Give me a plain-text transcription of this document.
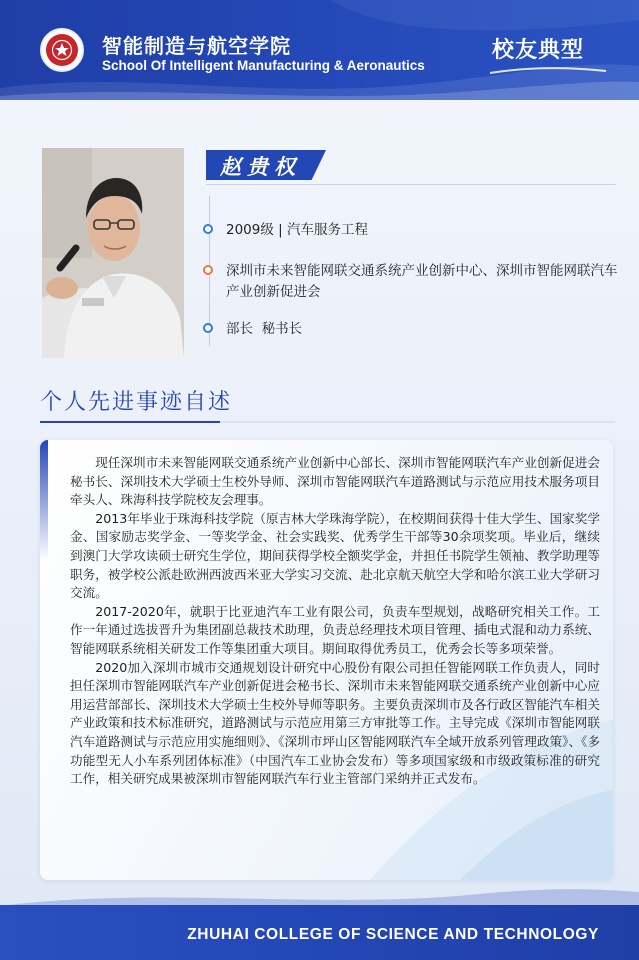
智能制造与航空学院
School Of Intelligent Manufacturing & Aeronautics
校友典型
赵贵权
2009级 | 汽车服务工程
深圳市未来智能网联交通系统产业创新中心、深圳市智能网联汽车产业创新促进会
部长  秘书长
个人先进事迹自述

现任深圳市未来智能网联交通系统产业创新中心部长、深圳市智能网联汽车产业创新促进会秘书长、深圳技术大学硕士生校外导师、深圳市智能网联汽车道路测试与示范应用技术服务项目牵头人、珠海科技学院校友会理事。

2013年毕业于珠海科技学院（原吉林大学珠海学院），在校期间获得十佳大学生、国家奖学金、国家励志奖学金、一等奖学金、社会实践奖、优秀学生干部等30余项奖项。毕业后，继续到澳门大学攻读硕士研究生学位，期间获得学校全额奖学金，并担任书院学生领袖、教学助理等职务，被学校公派赴欧洲西波西米亚大学实习交流、赴北京航天航空大学和哈尔滨工业大学研习交流。

2017-2020年，就职于比亚迪汽车工业有限公司，负责车型规划，战略研究相关工作。工作一年通过选拔晋升为集团副总裁技术助理，负责总经理技术项目管理、插电式混和动力系统、智能网联系统相关研发工作等集团重大项目。期间取得优秀员工，优秀会长等多项荣誉。

2020加入深圳市城市交通规划设计研究中心股份有限公司担任智能网联工作负责人，同时担任深圳市智能网联汽车产业创新促进会秘书长、深圳市未来智能网联交通系统产业创新中心应用运营部部长、深圳技术大学硕士生校外导师等职务。主要负责深圳市及各行政区智能汽车相关产业政策和技术标准研究，道路测试与示范应用第三方审批等工作。主导完成《深圳市智能网联汽车道路测试与示范应用实施细则》、《深圳市坪山区智能网联汽车全域开放系列管理政策》、《多功能型无人小车系列团体标准》（中国汽车工业协会发布）等多项国家级和市级政策标准的研究工作，相关研究成果被深圳市智能网联汽车行业主管部门采纳并正式发布。

ZHUHAI COLLEGE OF SCIENCE AND TECHNOLOGY
